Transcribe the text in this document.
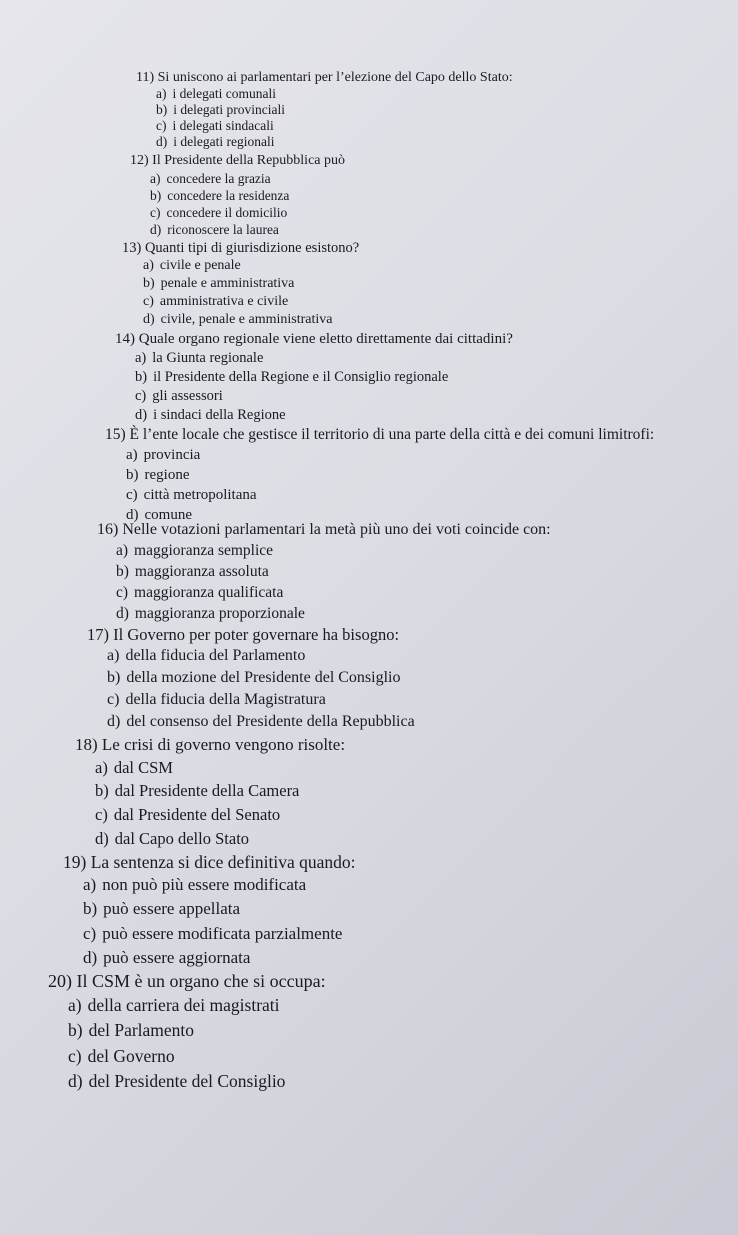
11) Si uniscono ai parlamentari per l’elezione del Capo dello Stato:

a) i delegati comunali

b) i delegati provinciali

c) i delegati sindacali

d) i delegati regionali

12) Il Presidente della Repubblica può

a) concedere la grazia

b) concedere la residenza

c) concedere il domicilio

d) riconoscere la laurea

13) Quanti tipi di giurisdizione esistono?

a) civile e penale

b) penale e amministrativa

c) amministrativa e civile

d) civile, penale e amministrativa

14) Quale organo regionale viene eletto direttamente dai cittadini?

a) la Giunta regionale

b) il Presidente della Regione e il Consiglio regionale

c) gli assessori

d) i sindaci della Regione

15) È l’ente locale che gestisce il territorio di una parte della città e dei comuni limitrofi:

a) provincia

b) regione

c) città metropolitana

d) comune

16) Nelle votazioni parlamentari la metà più uno dei voti coincide con:

a) maggioranza semplice

b) maggioranza assoluta

c) maggioranza qualificata

d) maggioranza proporzionale

17) Il Governo per poter governare ha bisogno:

a) della fiducia del Parlamento

b) della mozione del Presidente del Consiglio

c) della fiducia della Magistratura

d) del consenso del Presidente della Repubblica

18) Le crisi di governo vengono risolte:

a) dal CSM

b) dal Presidente della Camera

c) dal Presidente del Senato

d) dal Capo dello Stato

19) La sentenza si dice definitiva quando:

a) non può più essere modificata

b) può essere appellata

c) può essere modificata parzialmente

d) può essere aggiornata

20) Il CSM è un organo che si occupa:

a) della carriera dei magistrati

b) del Parlamento

c) del Governo

d) del Presidente del Consiglio
